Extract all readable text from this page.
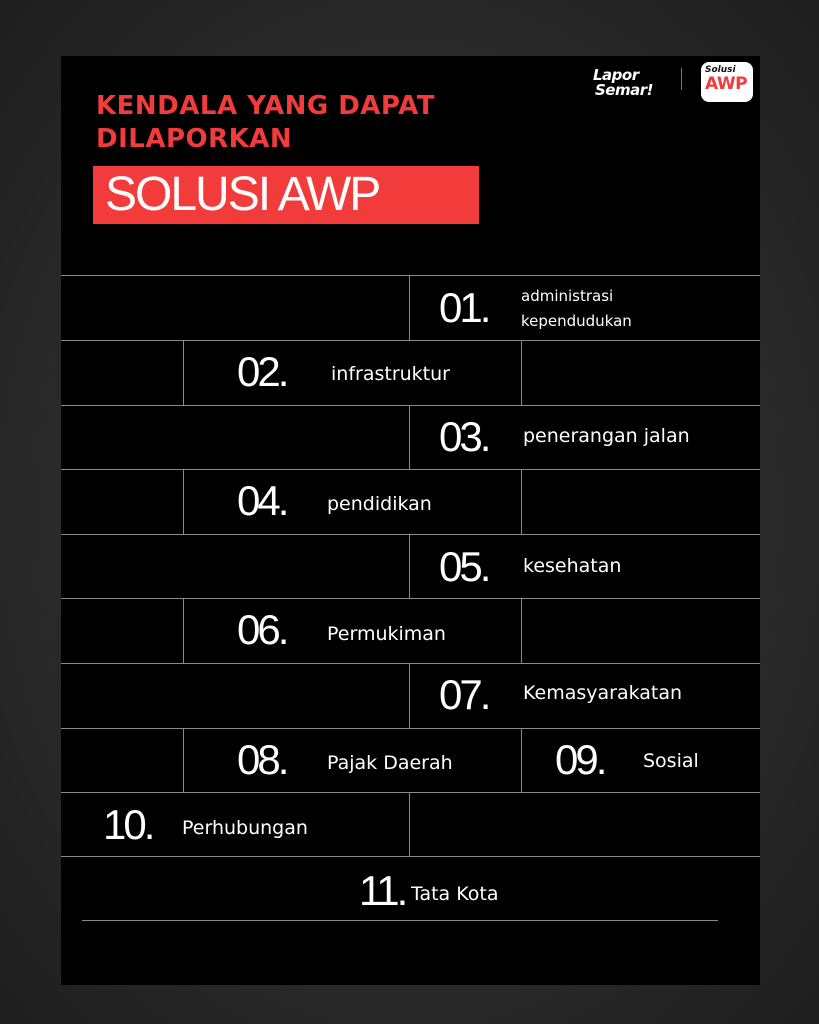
KENDALA YANG DAPAT DILAPORKAN
SOLUSI AWP
Lapor
Semar!
Solusi
AWP
01. administrasi kependudukan
02. infrastruktur
03. penerangan jalan
04. pendidikan
05. kesehatan
06. Permukiman
07. Kemasyarakatan
08. Pajak Daerah 09. Sosial
10. Perhubungan
11. Tata Kota
